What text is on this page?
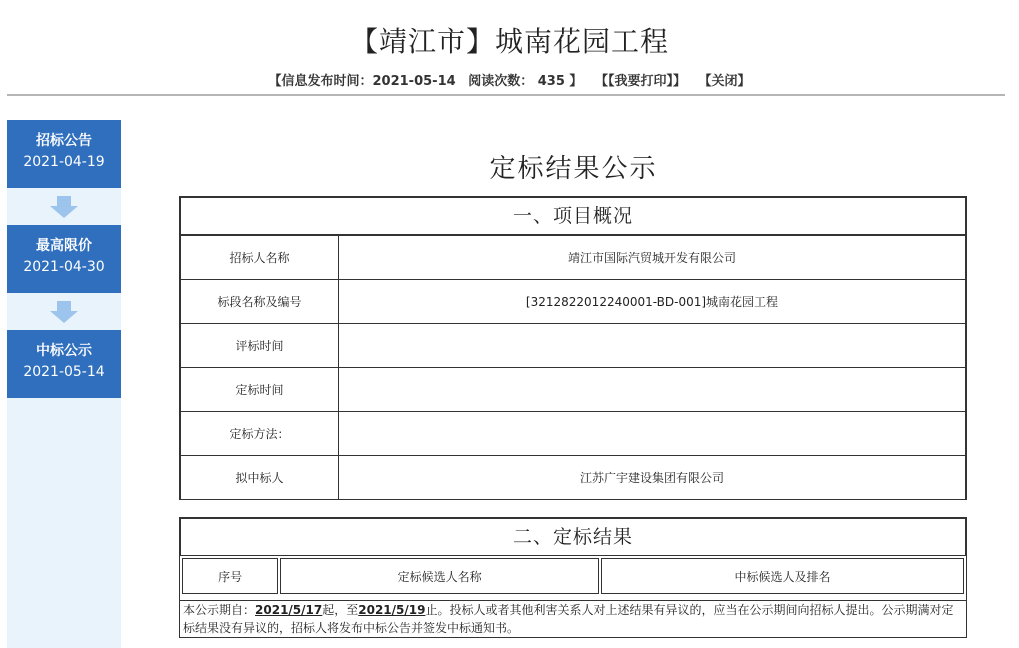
【靖江市】城南花园工程
【信息发布时间：2021-05-14 阅读次数： 435 】 【【我要打印】】 【关闭】
招标公告
2021-04-19
最高限价
2021-04-30
中标公示
2021-05-14
定标结果公示
一、项目概况
招标人名称	靖江市国际汽贸城开发有限公司
标段名称及编号	[3212822012240001-BD-001]城南花园工程
评标时间	
定标时间	
定标方法：	
拟中标人	江苏广宇建设集团有限公司
二、定标结果
序号	定标候选人名称	中标候选人及排名
本公示期自：2021/5/17起，至2021/5/19止。投标人或者其他利害关系人对上述结果有异议的，应当在公示期间向招标人提出。公示期满对定标结果没有异议的，招标人将发布中标公告并签发中标通知书。
